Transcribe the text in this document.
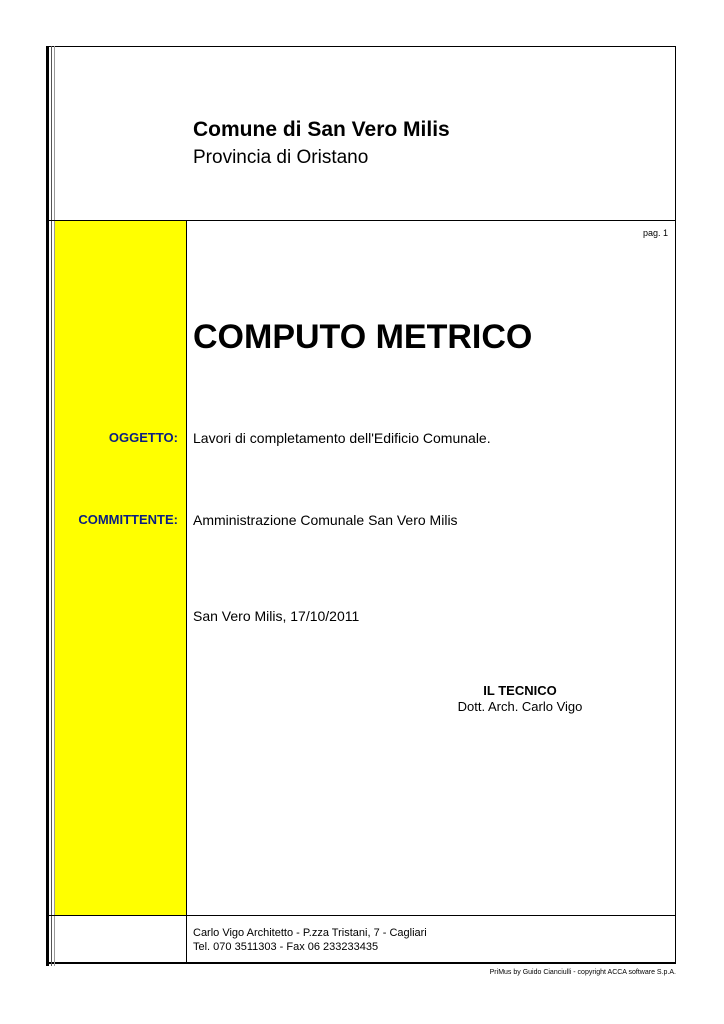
Comune di San Vero Milis
Provincia di Oristano
pag. 1
COMPUTO METRICO
OGGETTO: Lavori di completamento dell'Edificio Comunale.
COMMITTENTE: Amministrazione Comunale San Vero Milis
San Vero Milis, 17/10/2011
IL TECNICO
Dott. Arch. Carlo Vigo
Carlo Vigo Architetto - P.zza Tristani, 7 - Cagliari
Tel. 070 3511303 - Fax 06 233233435
PriMus by Guido Cianciulli - copyright ACCA software S.p.A.
